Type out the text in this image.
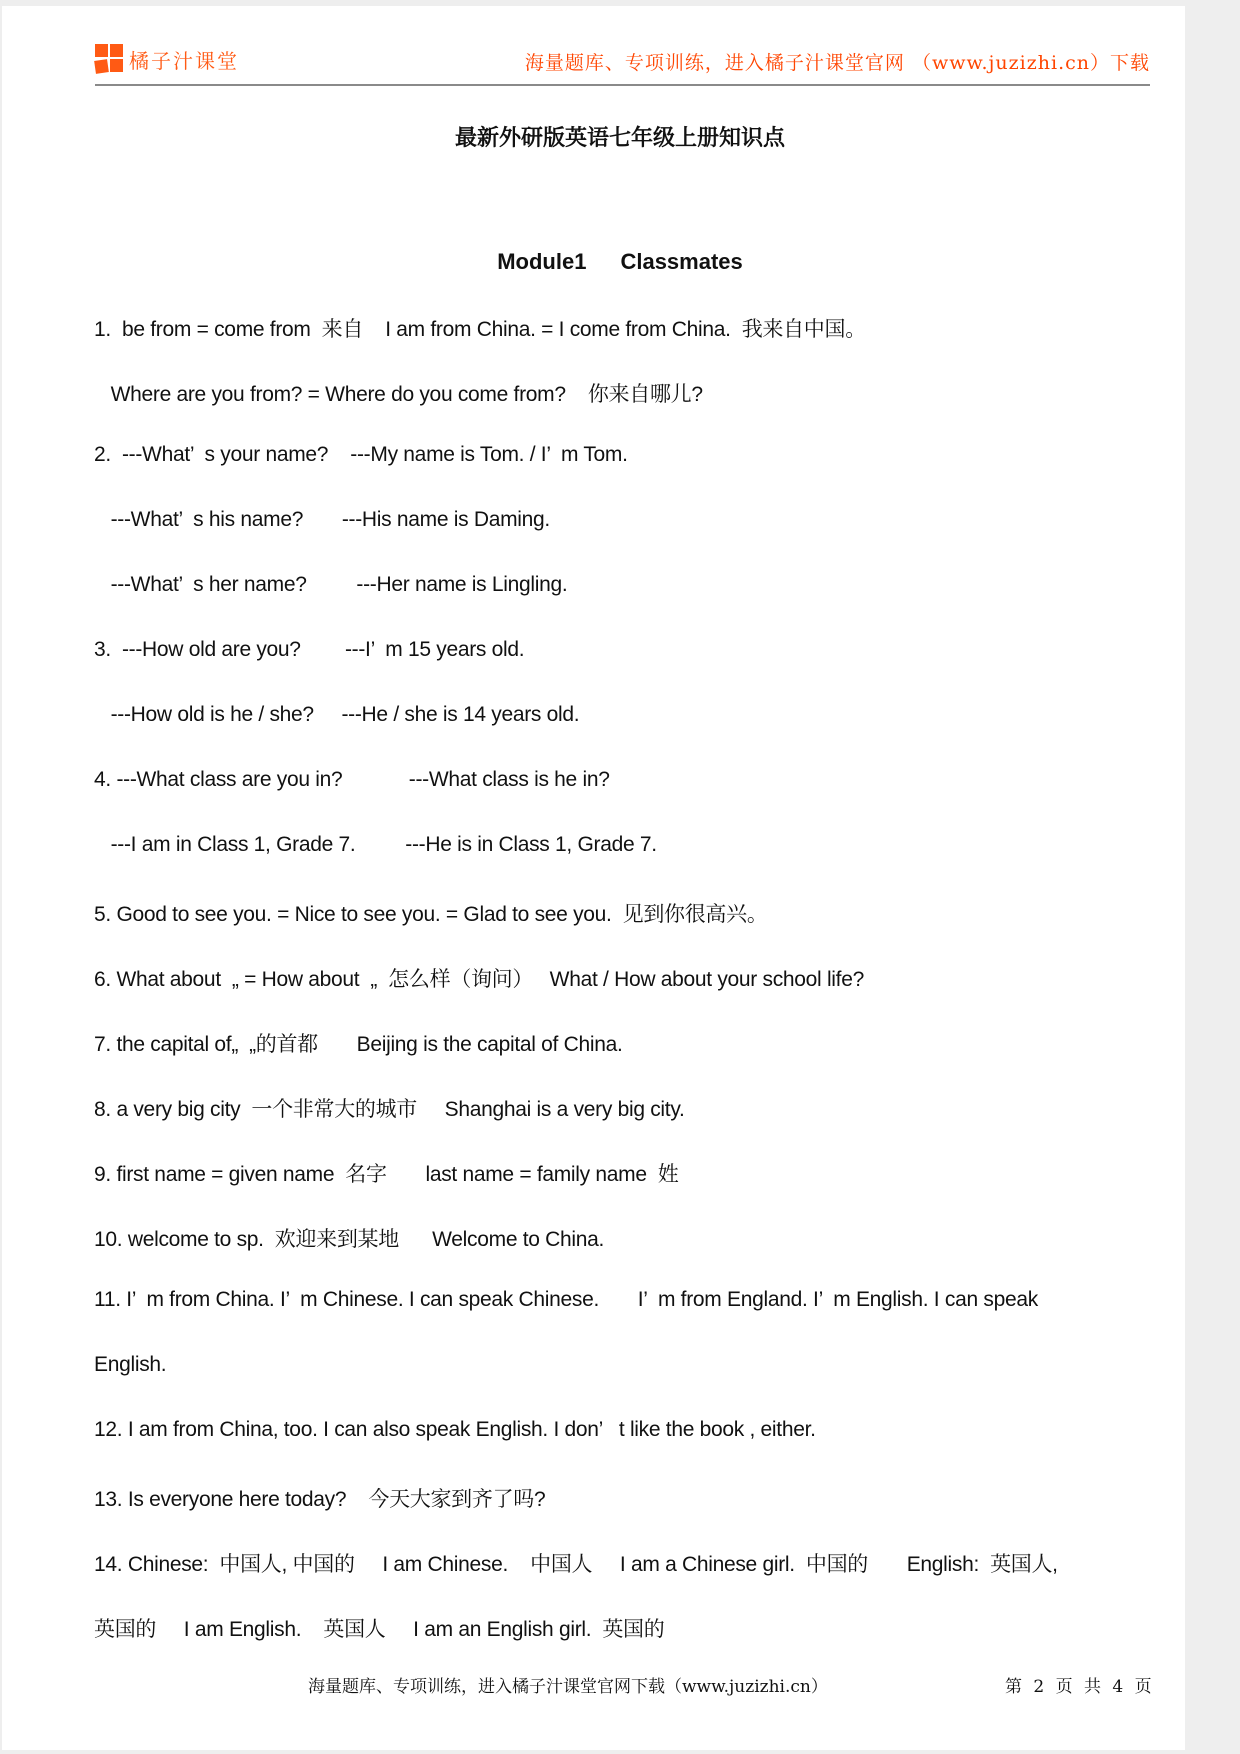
橘子汁课堂	海量题库、专项训练，进入橘子汁课堂官网 （www.juzizhi.cn）下载
最新外研版英语七年级上册知识点
Module1 Classmates
1.  be from = come from  来自    I am from China. = I come from China.  我来自中国。
Where are you from? = Where do you come from?    你来自哪儿?
2.  ---What’  s your name?    ---My name is Tom. / I’  m Tom.
---What’  s his name?       ---His name is Daming.
---What’  s her name?         ---Her name is Lingling.
3.  ---How old are you?        ---I’  m 15 years old.
---How old is he / she?     ---He / she is 14 years old.
4. ---What class are you in?            ---What class is he in?
---I am in Class 1, Grade 7.         ---He is in Class 1, Grade 7.
5. Good to see you. = Nice to see you. = Glad to see you.  见到你很高兴。
6. What about  „ = How about  „  怎么样（询问）   What / How about your school life?
7. the capital of„  „的首都       Beijing is the capital of China.
8. a very big city  一个非常大的城市     Shanghai is a very big city.
9. first name = given name  名字       last name = family name  姓
10. welcome to sp.  欢迎来到某地      Welcome to China.
11. I’  m from China. I’  m Chinese. I can speak Chinese.       I’  m from England. I’  m English. I can speak
English.
12. I am from China, too. I can also speak English. I don’   t like the book , either.
13. Is everyone here today?    今天大家到齐了吗?
14. Chinese:  中国人, 中国的     I am Chinese.    中国人     I am a Chinese girl.  中国的       English:  英国人,
英国的     I am English.    英国人     I am an English girl.  英国的
海量题库、专项训练，进入橘子汁课堂官网下载（www.juzizhi.cn）	第 2 页 共 4 页
